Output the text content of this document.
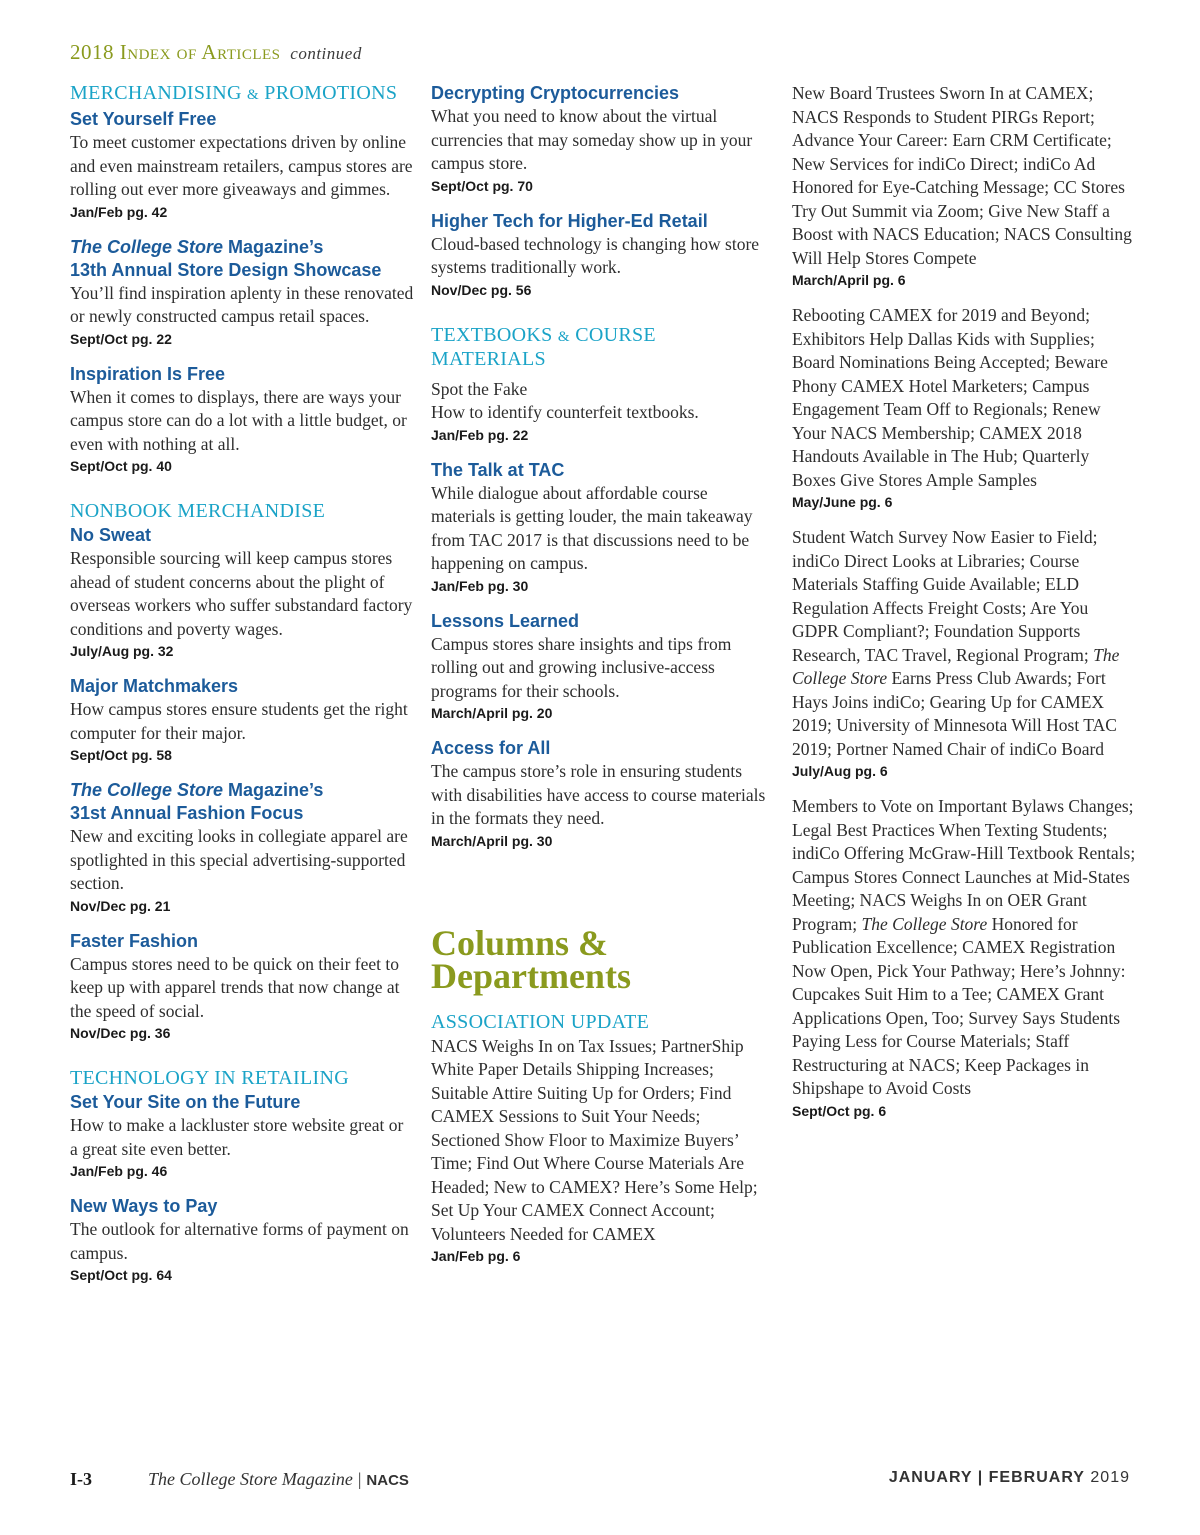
2018 Index of Articles continued
MERCHANDISING & PROMOTIONS

Set Yourself Free

To meet customer expectations driven by online and even mainstream retailers, campus stores are rolling out ever more giveaways and gimmes.

Jan/Feb pg. 42

The College Store Magazine’s
13th Annual Store Design Showcase

You’ll find inspiration aplenty in these renovated or newly constructed campus retail spaces.

Sept/Oct pg. 22

Inspiration Is Free

When it comes to displays, there are ways your campus store can do a lot with a little budget, or even with nothing at all.

Sept/Oct pg. 40

NONBOOK MERCHANDISE

No Sweat

Responsible sourcing will keep campus stores ahead of student concerns about the plight of overseas workers who suffer substandard factory conditions and poverty wages.

July/Aug pg. 32

Major Matchmakers

How campus stores ensure students get the right computer for their major.

Sept/Oct pg. 58

The College Store Magazine’s
31st Annual Fashion Focus

New and exciting looks in collegiate apparel are spotlighted in this special advertising-supported section.

Nov/Dec pg. 21

Faster Fashion

Campus stores need to be quick on their feet to keep up with apparel trends that now change at the speed of social.

Nov/Dec pg. 36

TECHNOLOGY IN RETAILING

Set Your Site on the Future

How to make a lackluster store website great or a great site even better.

Jan/Feb pg. 46

New Ways to Pay

The outlook for alternative forms of payment on campus.

Sept/Oct pg. 64

Decrypting Cryptocurrencies

What you need to know about the virtual currencies that may someday show up in your campus store.

Sept/Oct pg. 70

Higher Tech for Higher-Ed Retail

Cloud-based technology is changing how store systems traditionally work.

Nov/Dec pg. 56

TEXTBOOKS & COURSE MATERIALS

Spot the Fake

How to identify counterfeit textbooks.

Jan/Feb pg. 22

The Talk at TAC

While dialogue about affordable course materials is getting louder, the main takeaway from TAC 2017 is that discussions need to be happening on campus.

Jan/Feb pg. 30

Lessons Learned

Campus stores share insights and tips from rolling out and growing inclusive-access programs for their schools.

March/April pg. 20

Access for All

The campus store’s role in ensuring students with disabilities have access to course materials in the formats they need.

March/April pg. 30

Columns &
Departments

ASSOCIATION UPDATE

NACS Weighs In on Tax Issues; PartnerShip White Paper Details Shipping Increases; Suitable Attire Suiting Up for Orders; Find CAMEX Sessions to Suit Your Needs; Sectioned Show Floor to Maximize Buyers’ Time; Find Out Where Course Materials Are Headed; New to CAMEX? Here’s Some Help; Set Up Your CAMEX Connect Account; Volunteers Needed for CAMEX

Jan/Feb pg. 6

New Board Trustees Sworn In at CAMEX; NACS Responds to Student PIRGs Report; Advance Your Career: Earn CRM Certificate; New Services for indiCo Direct; indiCo Ad Honored for Eye-Catching Message; CC Stores Try Out Summit via Zoom; Give New Staff a Boost with NACS Education; NACS Consulting Will Help Stores Compete

March/April pg. 6

Rebooting CAMEX for 2019 and Beyond; Exhibitors Help Dallas Kids with Supplies; Board Nominations Being Accepted; Beware Phony CAMEX Hotel Marketers; Campus Engagement Team Off to Regionals; Renew Your NACS Membership; CAMEX 2018 Handouts Available in The Hub; Quarterly Boxes Give Stores Ample Samples

May/June pg. 6

Student Watch Survey Now Easier to Field; indiCo Direct Looks at Libraries; Course Materials Staffing Guide Available; ELD Regulation Affects Freight Costs; Are You GDPR Compliant?; Foundation Supports Research, TAC Travel, Regional Program; The College Store Earns Press Club Awards; Fort Hays Joins indiCo; Gearing Up for CAMEX 2019; University of Minnesota Will Host TAC 2019; Portner Named Chair of indiCo Board

July/Aug pg. 6

Members to Vote on Important Bylaws Changes; Legal Best Practices When Texting Students; indiCo Offering McGraw-Hill Textbook Rentals; Campus Stores Connect Launches at Mid-States Meeting; NACS Weighs In on OER Grant Program; The College Store Honored for Publication Excellence; CAMEX Registration Now Open, Pick Your Pathway; Here’s Johnny: Cupcakes Suit Him to a Tee; CAMEX Grant Applications Open, Too; Survey Says Students Paying Less for Course Materials; Staff Restructuring at NACS; Keep Packages in Shipshape to Avoid Costs

Sept/Oct pg. 6

I-3	The College Store Magazine | NACS	JANUARY | FEBRUARY 2019
